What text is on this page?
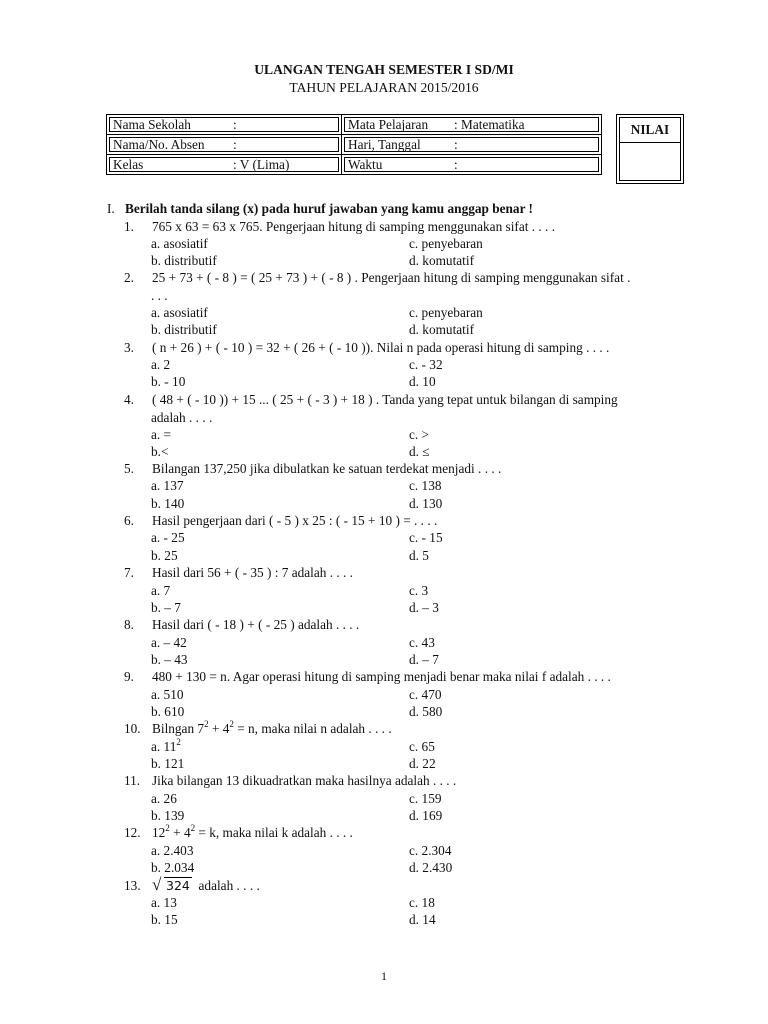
ULANGAN TENGAH SEMESTER I SD/MI
TAHUN PELAJARAN 2015/2016
Nama Sekolah :	Mata Pelajaran : Matematika
Nama/No. Absen :	Hari, Tanggal :
Kelas : V (Lima)	Waktu :
NILAI
I. Berilah tanda silang (x) pada huruf jawaban yang kamu anggap benar !
1.	765 x 63 = 63 x 765. Pengerjaan hitung di samping menggunakan sifat . . . .
a. asosiatif	c. penyebaran
b. distributif	d. komutatif
2.	25 + 73 + ( - 8 ) = ( 25 + 73 ) + ( - 8 ) . Pengerjaan hitung di samping menggunakan sifat .
. . .
a. asosiatif	c. penyebaran
b. distributif	d. komutatif
3.	( n + 26 ) + ( - 10 ) = 32 + ( 26 + ( - 10 )). Nilai n pada operasi hitung di samping . . . .
a. 2	c. - 32
b. - 10	d. 10
4.	( 48 + ( - 10 )) + 15 ... ( 25 + ( - 3 ) + 18 ) . Tanda yang tepat untuk bilangan di samping
adalah . . . .
a. =	c. >
b.<	d. ≤
5.	Bilangan 137,250 jika dibulatkan ke satuan terdekat menjadi . . . .
a. 137	c. 138
b. 140	d. 130
6.	Hasil pengerjaan dari ( - 5 ) x 25 : ( - 15 + 10 ) = . . . .
a. - 25	c. - 15
b. 25	d. 5
7.	Hasil dari 56 + ( - 35 ) : 7 adalah . . . .
a. 7	c. 3
b. – 7	d. – 3
8.	Hasil dari ( - 18 ) + ( - 25 ) adalah . . . .
a. – 42	c. 43
b. – 43	d. – 7
9.	480 + 130 = n. Agar operasi hitung di samping menjadi benar maka nilai f adalah . . . .
a. 510	c. 470
b. 610	d. 580
10. Bilngan $7^2 + 4^2 = n$, maka nilai n adalah . . . .
a. $11^2$	c. 65
b. 121	d. 22
11. Jika bilangan 13 dikuadratkan maka hasilnya adalah . . . .
a. 26	c. 159
b. 139	d. 169
12. $12^2 + 4^2 = k$, maka nilai k adalah . . . .
a. 2.403	c. 2.304
b. 2.034	d. 2.430
13. √ 324 adalah . . . .
a. 13	c. 18
b. 15	d. 14
1
